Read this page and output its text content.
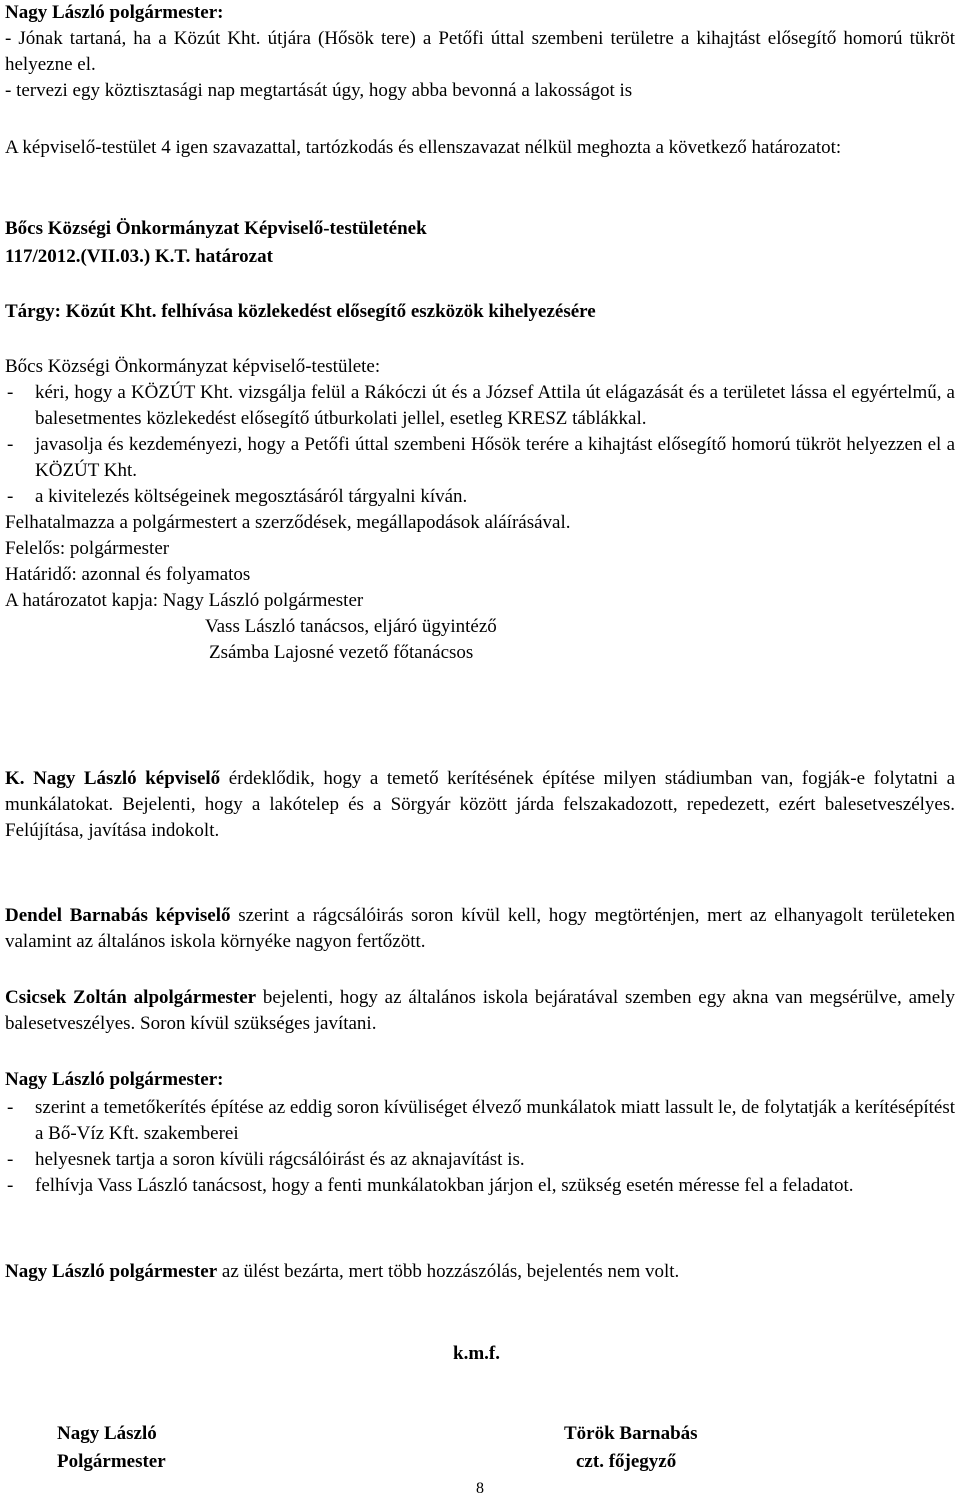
Nagy László polgármester:

- Jónak tartaná, ha a Közút Kht. útjára (Hősök tere) a Petőfi úttal szembeni területre a kihajtást elősegítő homorú tükröt helyezne el.

- tervezi egy köztisztasági nap megtartását úgy, hogy abba bevonná a lakosságot is

A képviselő-testület 4 igen szavazattal, tartózkodás és ellenszavazat nélkül meghozta a következő határozatot:

Bőcs Községi Önkormányzat Képviselő-testületének

117/2012.(VII.03.) K.T. határozat

Tárgy: Közút Kht. felhívása közlekedést elősegítő eszközök kihelyezésére

Bőcs Községi Önkormányzat képviselő-testülete:

-	kéri, hogy a KÖZÚT Kht. vizsgálja felül a Rákóczi út és a József Attila út elágazását és a területet lássa el egyértelmű, a balesetmentes közlekedést elősegítő útburkolati jellel, esetleg KRESZ táblákkal.
-	javasolja és kezdeményezi, hogy a Petőfi úttal szembeni Hősök terére a kihajtást elősegítő homorú tükröt helyezzen el a KÖZÚT Kht.
-	a kivitelezés költségeinek megosztásáról tárgyalni kíván.

Felhatalmazza a polgármestert a szerződések, megállapodások aláírásával.

Felelős: polgármester

Határidő: azonnal és folyamatos

A határozatot kapja: Nagy László polgármester

Vass László tanácsos, eljáró ügyintéző

Zsámba Lajosné vezető főtanácsos

K. Nagy László képviselő érdeklődik, hogy a temető kerítésének építése milyen stádiumban van, fogják-e folytatni a munkálatokat. Bejelenti, hogy a lakótelep és a Sörgyár között járda felszakadozott, repedezett, ezért balesetveszélyes. Felújítása, javítása indokolt.

Dendel Barnabás képviselő szerint a rágcsálóirás soron kívül kell, hogy megtörténjen, mert az elhanyagolt területeken valamint az általános iskola környéke nagyon fertőzött.

Csicsek Zoltán alpolgármester bejelenti, hogy az általános iskola bejáratával szemben egy akna van megsérülve, amely balesetveszélyes. Soron kívül szükséges javítani.

Nagy László polgármester:

-	szerint a temetőkerítés építése az eddig soron kívüliséget élvező munkálatok miatt lassult le, de folytatják a kerítésépítést a Bő-Víz Kft. szakemberei
-	helyesnek tartja a soron kívüli rágcsálóirást és az aknajavítást is.
-	felhívja Vass László tanácsost, hogy a fenti munkálatokban járjon el, szükség esetén méresse fel a feladatot.

Nagy László polgármester az ülést bezárta, mert több hozzászólás, bejelentés nem volt.

k.m.f.

Nagy László

Polgármester

Török Barnabás

czt. főjegyző

8
